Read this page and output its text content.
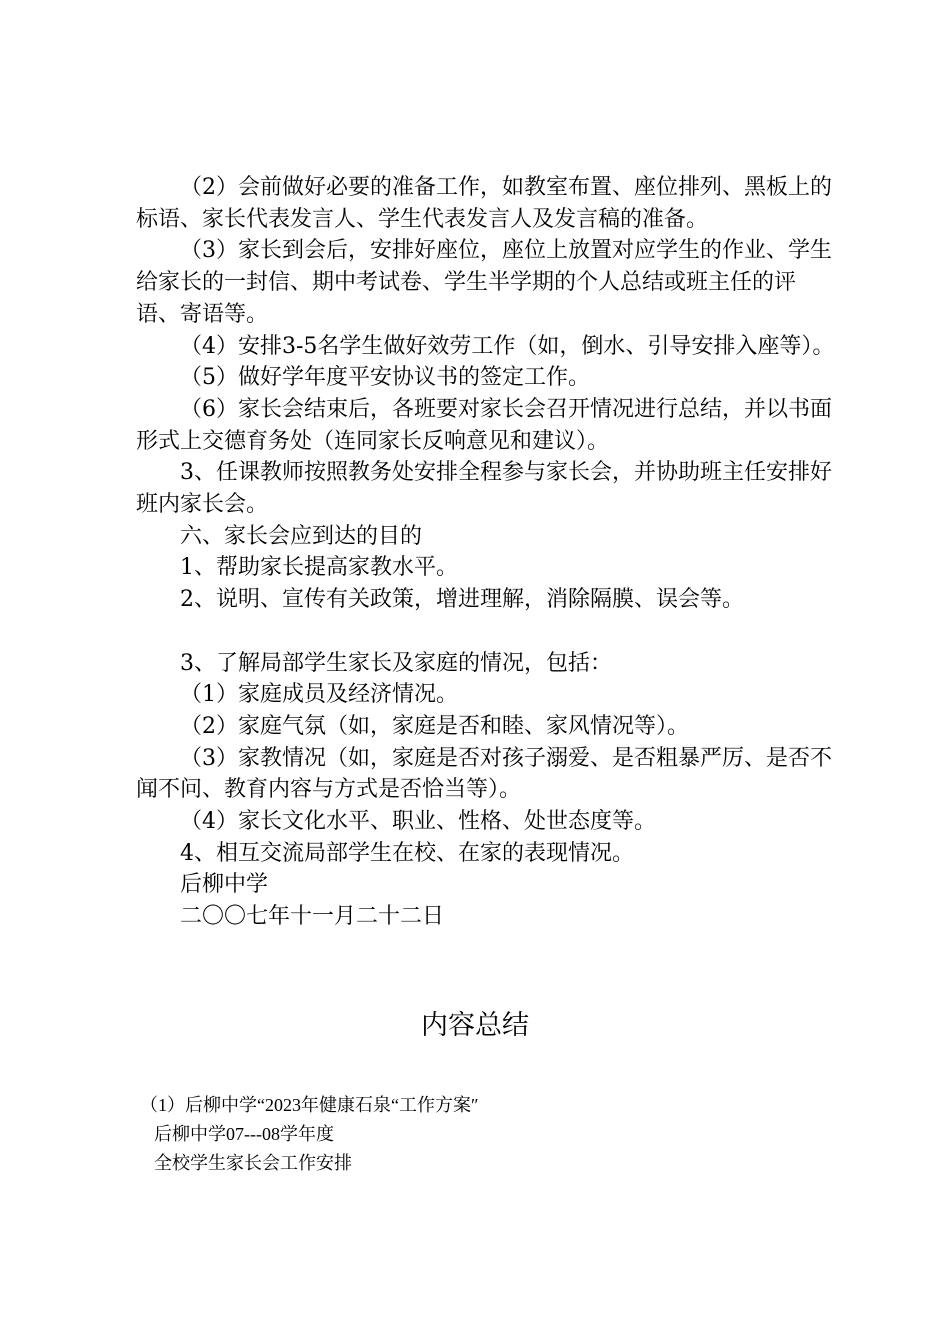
（2）会前做好必要的准备工作，如教室布置、座位排列、黑板上的标语、家长代表发言人、学生代表发言人及发言稿的准备。

（3）家长到会后，安排好座位，座位上放置对应学生的作业、学生给家长的一封信、期中考试卷、学生半学期的个人总结或班主任的评语、寄语等。

（4）安排3-5名学生做好效劳工作（如，倒水、引导安排入座等）。

（5）做好学年度平安协议书的签定工作。

（6）家长会结束后，各班要对家长会召开情况进行总结，并以书面形式上交德育务处（连同家长反响意见和建议）。

3、任课教师按照教务处安排全程参与家长会，并协助班主任安排好班内家长会。

六、家长会应到达的目的

1、帮助家长提高家教水平。

2、说明、宣传有关政策，增进理解，消除隔膜、误会等。

3、了解局部学生家长及家庭的情况，包括：

（1）家庭成员及经济情况。

（2）家庭气氛（如，家庭是否和睦、家风情况等）。

（3）家教情况（如，家庭是否对孩子溺爱、是否粗暴严厉、是否不闻不问、教育内容与方式是否恰当等）。

（4）家长文化水平、职业、性格、处世态度等。

4、相互交流局部学生在校、在家的表现情况。

后柳中学

二〇〇七年十一月二十二日

内容总结

（1）后柳中学“2023年健康石泉“工作方案″

后柳中学07---08学年度

全校学生家长会工作安排
